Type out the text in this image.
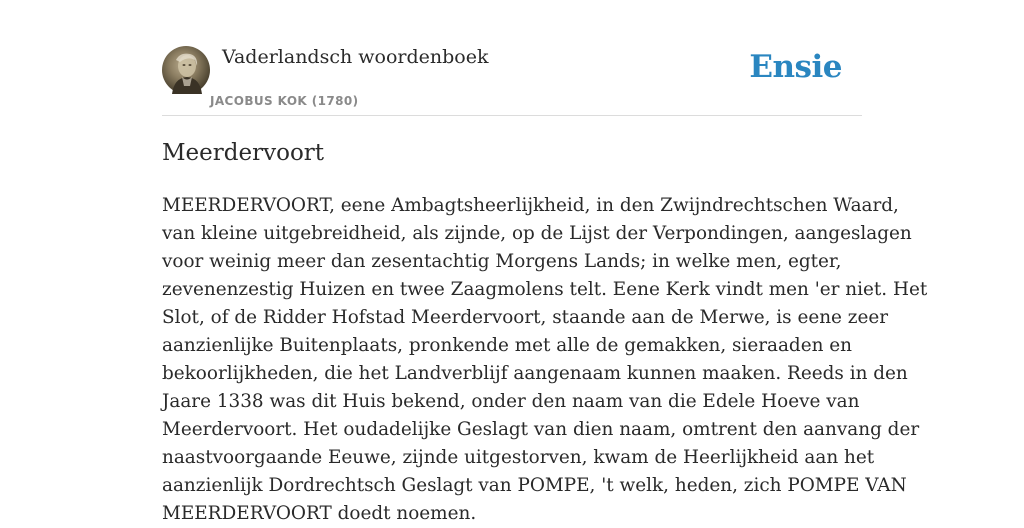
Vaderlandsch woordenboek
JACOBUS KOK (1780)
Ensie
Meerdervoort

MEERDERVOORT, eene Ambagtsheerlijkheid, in den Zwijndrechtschen Waard,
van kleine uitgebreidheid, als zijnde, op de Lijst der Verpondingen, aangeslagen
voor weinig meer dan zesentachtig Morgens Lands; in welke men, egter,
zevenenzestig Huizen en twee Zaagmolens telt. Eene Kerk vindt men 'er niet. Het
Slot, of de Ridder Hofstad Meerdervoort, staande aan de Merwe, is eene zeer
aanzienlijke Buitenplaats, pronkende met alle de gemakken, sieraaden en
bekoorlijkheden, die het Landverblijf aangenaam kunnen maaken. Reeds in den
Jaare 1338 was dit Huis bekend, onder den naam van die Edele Hoeve van
Meerdervoort. Het oudadelijke Geslagt van dien naam, omtrent den aanvang der
naastvoorgaande Eeuwe, zijnde uitgestorven, kwam de Heerlijkheid aan het
aanzienlijk Dordrechtsch Geslagt van POMPE, 't welk, heden, zich POMPE VAN
MEERDERVOORT doedt noemen.
